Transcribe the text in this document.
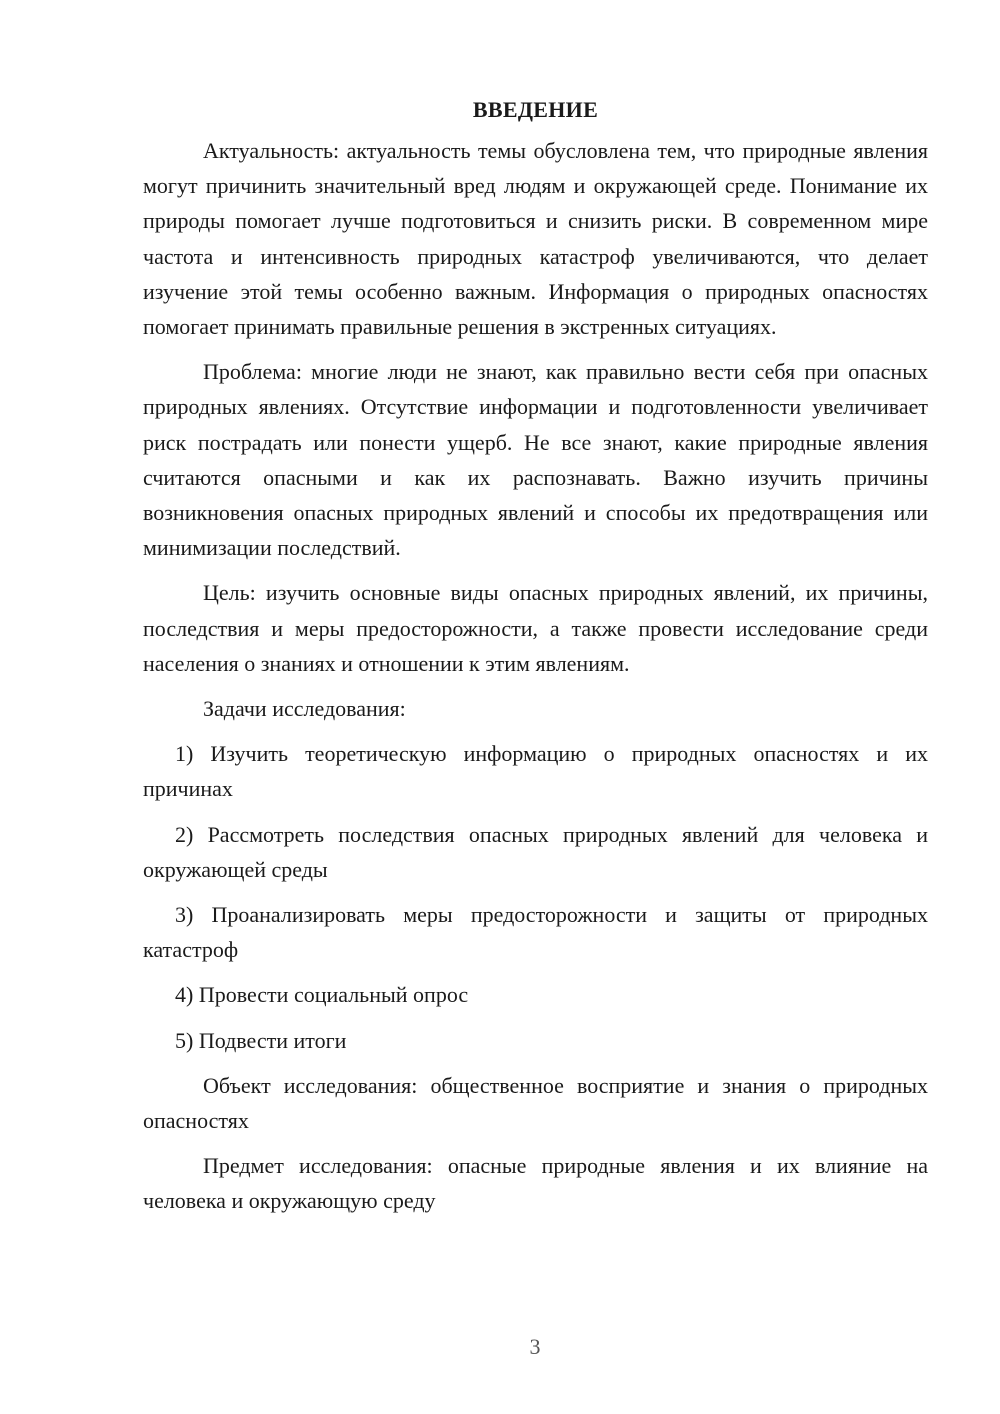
ВВЕДЕНИЕ

Актуальность: актуальность темы обусловлена тем, что природные явления могут причинить значительный вред людям и окружающей среде. Понимание их природы помогает лучше подготовиться и снизить риски. В современном мире частота и интенсивность природных катастроф увеличиваются, что делает изучение этой темы особенно важным. Информация о природных опасностях помогает принимать правильные решения в экстренных ситуациях.

Проблема: многие люди не знают, как правильно вести себя при опасных природных явлениях. Отсутствие информации и подготовленности увеличивает риск пострадать или понести ущерб. Не все знают, какие природные явления считаются опасными и как их распознавать. Важно изучить причины возникновения опасных природных явлений и способы их предотвращения или минимизации последствий.

Цель: изучить основные виды опасных природных явлений, их причины, последствия и меры предосторожности, а также провести исследование среди населения о знаниях и отношении к этим явлениям.

Задачи исследования:

1) Изучить теоретическую информацию о природных опасностях и их причинах

2) Рассмотреть последствия опасных природных явлений для человека и окружающей среды

3) Проанализировать меры предосторожности и защиты от природных катастроф

4) Провести социальный опрос

5) Подвести итоги

Объект исследования: общественное восприятие и знания о природных опасностях

Предмет исследования: опасные природные явления и их влияние на человека и окружающую среду

3
